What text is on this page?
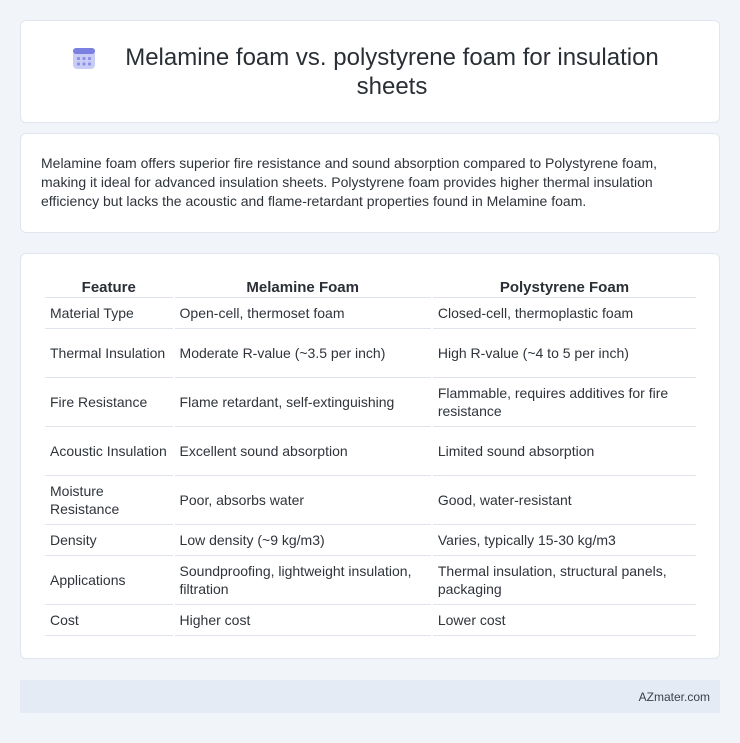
Melamine foam vs. polystyrene foam for insulation sheets

Melamine foam offers superior fire resistance and sound absorption compared to Polystyrene foam, making it ideal for advanced insulation sheets. Polystyrene foam provides higher thermal insulation efficiency but lacks the acoustic and flame-retardant properties found in Melamine foam.

Feature	Melamine Foam	Polystyrene Foam
Material Type	Open-cell, thermoset foam	Closed-cell, thermoplastic foam
Thermal Insulation	Moderate R-value (~3.5 per inch)	High R-value (~4 to 5 per inch)
Fire Resistance	Flame retardant, self-extinguishing	Flammable, requires additives for fire resistance
Acoustic Insulation	Excellent sound absorption	Limited sound absorption
Moisture Resistance	Poor, absorbs water	Good, water-resistant
Density	Low density (~9 kg/m3)	Varies, typically 15-30 kg/m3
Applications	Soundproofing, lightweight insulation, filtration	Thermal insulation, structural panels, packaging
Cost	Higher cost	Lower cost
AZmater.com
